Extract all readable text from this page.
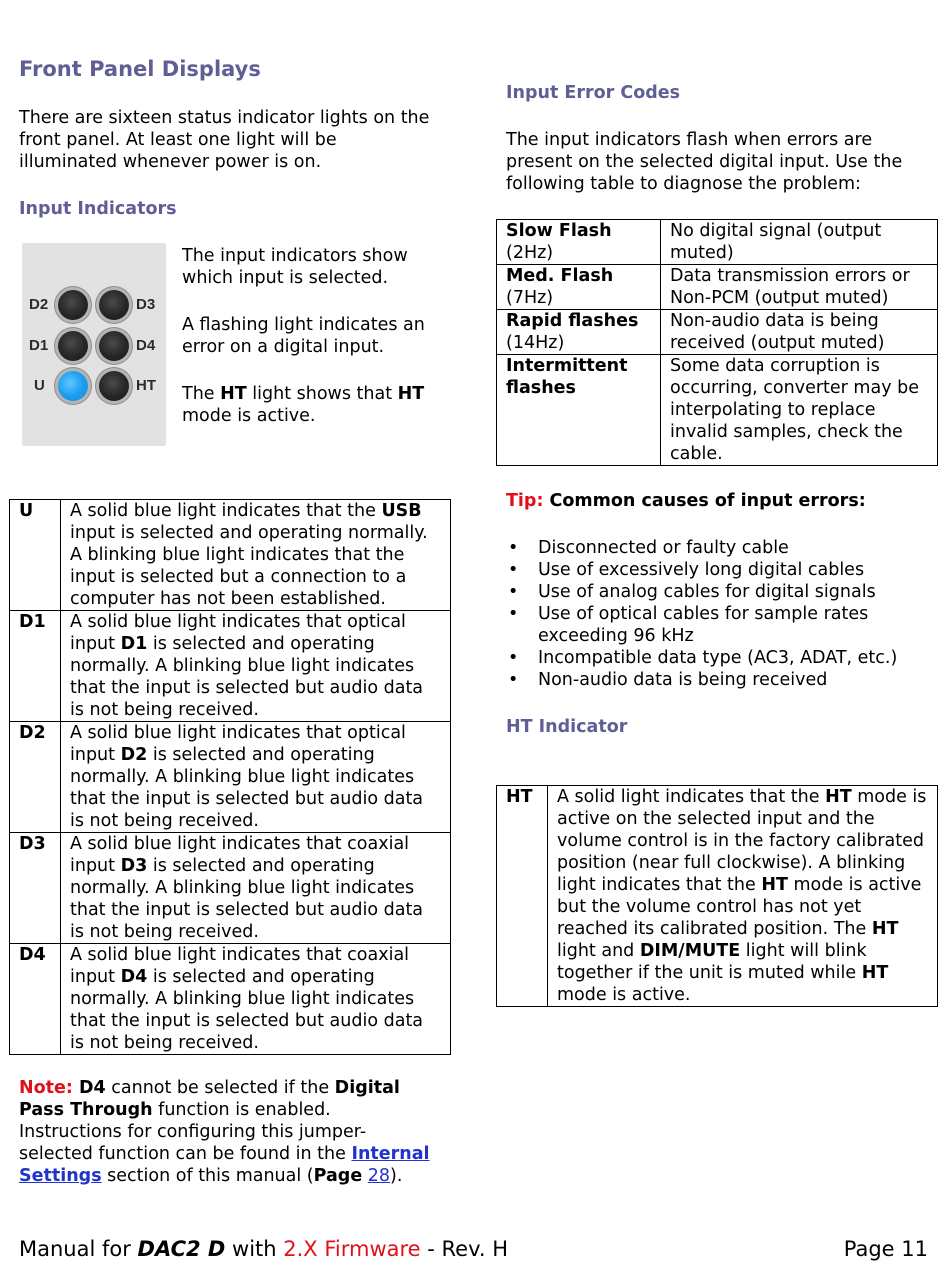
Front Panel Displays

There are sixteen status indicator lights on the front panel. At least one light will be illuminated whenever power is on.

Input Indicators
D2	D3
D1	D4
U	HT

The input indicators show which input is selected.

A flashing light indicates an error on a digital input.

The HT light shows that HT mode is active.

U	A solid blue light indicates that the USB input is selected and operating normally. A blinking blue light indicates that the input is selected but a connection to a computer has not been established.
D1	A solid blue light indicates that optical input D1 is selected and operating normally. A blinking blue light indicates that the input is selected but audio data is not being received.
D2	A solid blue light indicates that optical input D2 is selected and operating normally. A blinking blue light indicates that the input is selected but audio data is not being received.
D3	A solid blue light indicates that coaxial input D3 is selected and operating normally. A blinking blue light indicates that the input is selected but audio data is not being received.
D4	A solid blue light indicates that coaxial input D4 is selected and operating normally. A blinking blue light indicates that the input is selected but audio data is not being received.

Note: D4 cannot be selected if the Digital Pass Through function is enabled. Instructions for configuring this jumper-selected function can be found in the Internal Settings section of this manual (Page 28).

Input Error Codes

The input indicators flash when errors are present on the selected digital input. Use the following table to diagnose the problem:

Slow Flash
(2Hz)	No digital signal (output muted)
Med. Flash
(7Hz)	Data transmission errors or Non-PCM (output muted)
Rapid flashes
(14Hz)	Non-audio data is being received (output muted)
Intermittent flashes	Some data corruption is occurring, converter may be interpolating to replace invalid samples, check the cable.

Tip: Common causes of input errors:

• Disconnected or faulty cable
• Use of excessively long digital cables
• Use of analog cables for digital signals
• Use of optical cables for sample rates exceeding 96 kHz
• Incompatible data type (AC3, ADAT, etc.)
• Non-audio data is being received
HT Indicator
HT	A solid light indicates that the HT mode is active on the selected input and the volume control is in the factory calibrated position (near full clockwise). A blinking light indicates that the HT mode is active but the volume control has not yet reached its calibrated position. The HT light and DIM/MUTE light will blink together if the unit is muted while HT mode is active.
Manual for DAC2 D with 2.X Firmware - Rev. H	Page 11
